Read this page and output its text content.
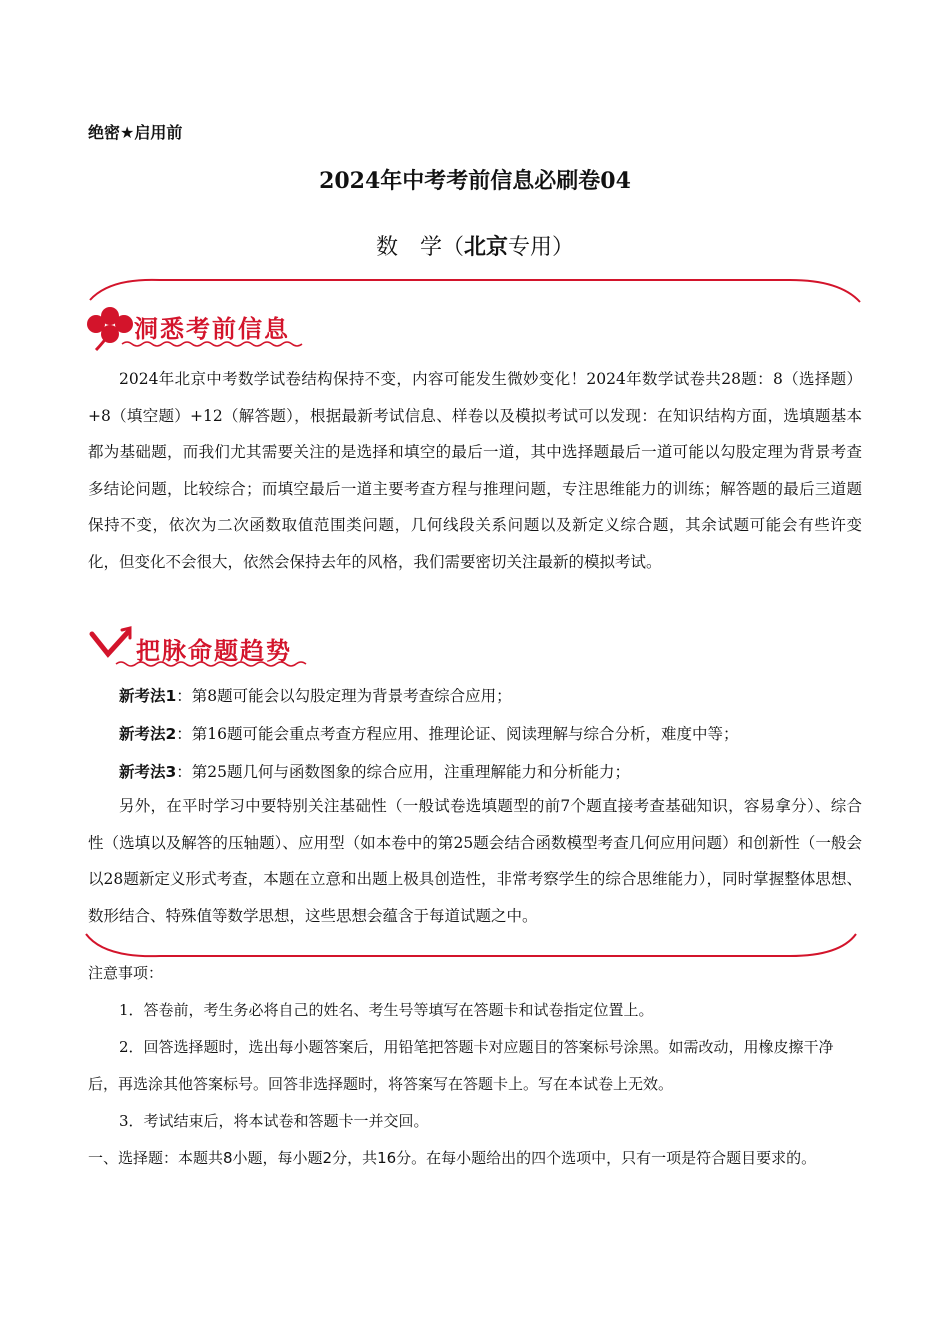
绝密★启用前
2024年中考考前信息必刷卷04
数　学（北京专用）
洞悉考前信息

2024年北京中考数学试卷结构保持不变，内容可能发生微妙变化！2024年数学试卷共28题：8（选择题）+8（填空题）+12（解答题），根据最新考试信息、样卷以及模拟考试可以发现：在知识结构方面，选填题基本都为基础题，而我们尤其需要关注的是选择和填空的最后一道，其中选择题最后一道可能以勾股定理为背景考查多结论问题，比较综合；而填空最后一道主要考查方程与推理问题，专注思维能力的训练；解答题的最后三道题保持不变，依次为二次函数取值范围类问题，几何线段关系问题以及新定义综合题，其余试题可能会有些许变化，但变化不会很大，依然会保持去年的风格，我们需要密切关注最新的模拟考试。

把脉命题趋势

新考法1：第8题可能会以勾股定理为背景考查综合应用；

新考法2：第16题可能会重点考查方程应用、推理论证、阅读理解与综合分析，难度中等；

新考法3：第25题几何与函数图象的综合应用，注重理解能力和分析能力；

另外，在平时学习中要特别关注基础性（一般试卷选填题型的前7个题直接考查基础知识，容易拿分）、综合性（选填以及解答的压轴题）、应用型（如本卷中的第25题会结合函数模型考查几何应用问题）和创新性（一般会以28题新定义形式考查，本题在立意和出题上极具创造性，非常考察学生的综合思维能力），同时掌握整体思想、数形结合、特殊值等数学思想，这些思想会蕴含于每道试题之中。

注意事项：

1．答卷前，考生务必将自己的姓名、考生号等填写在答题卡和试卷指定位置上。

2．回答选择题时，选出每小题答案后，用铅笔把答题卡对应题目的答案标号涂黑。如需改动，用橡皮擦干净后，再选涂其他答案标号。回答非选择题时，将答案写在答题卡上。写在本试卷上无效。

3．考试结束后，将本试卷和答题卡一并交回。

一、选择题：本题共8小题，每小题2分，共16分。在每小题给出的四个选项中，只有一项是符合题目要求的。
